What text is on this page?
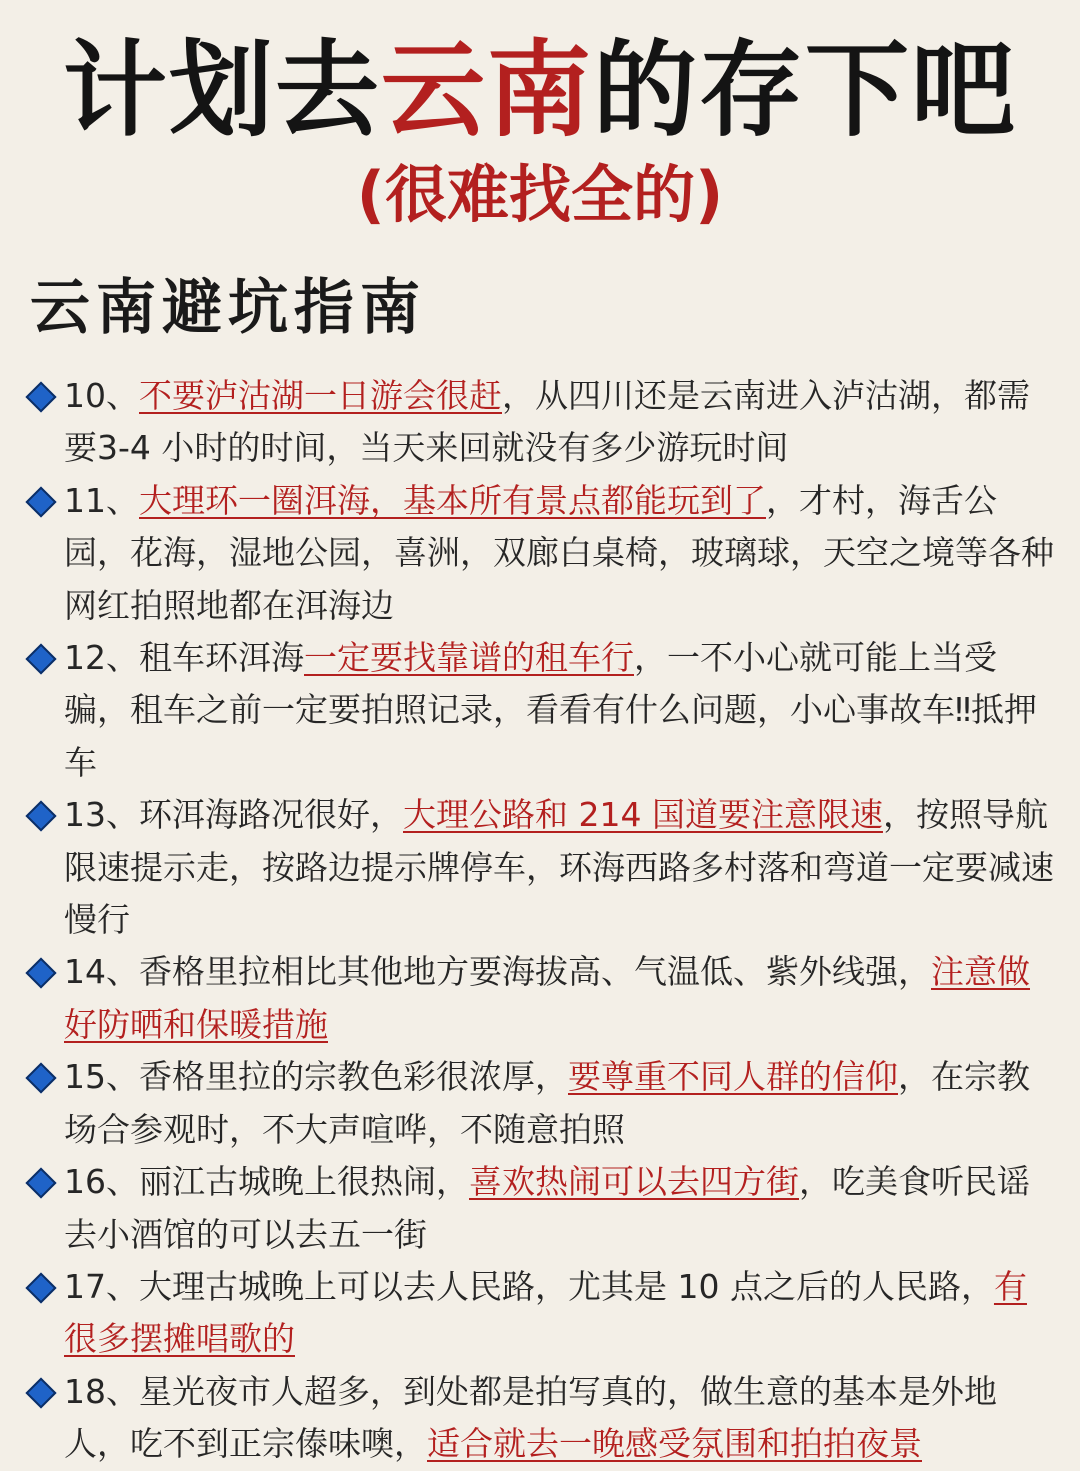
计划去云南的存下吧
(很难找全的)
云南避坑指南
10、不要泸沽湖一日游会很赶，从四川还是云南进入泸沽湖，都需要3-4 小时的时间，当天来回就没有多少游玩时间
11、大理环一圈洱海，基本所有景点都能玩到了，才村，海舌公园，花海，湿地公园，喜洲，双廊白桌椅，玻璃球，天空之境等各种网红拍照地都在洱海边
12、租车环洱海一定要找靠谱的租车行，一不小心就可能上当受骗，租车之前一定要拍照记录，看看有什么问题，小心事故车‼抵押车
13、环洱海路况很好，大理公路和 214 国道要注意限速，按照导航限速提示走，按路边提示牌停车，环海西路多村落和弯道一定要减速慢行
14、香格里拉相比其他地方要海拔高、气温低、紫外线强，注意做好防晒和保暖措施
15、香格里拉的宗教色彩很浓厚，要尊重不同人群的信仰，在宗教场合参观时，不大声喧哗，不随意拍照
16、丽江古城晚上很热闹，喜欢热闹可以去四方街，吃美食听民谣去小酒馆的可以去五一街
17、大理古城晚上可以去人民路，尤其是 10 点之后的人民路，有很多摆摊唱歌的
18、星光夜市人超多，到处都是拍写真的，做生意的基本是外地人，吃不到正宗傣味噢，适合就去一晚感受氛围和拍拍夜景
